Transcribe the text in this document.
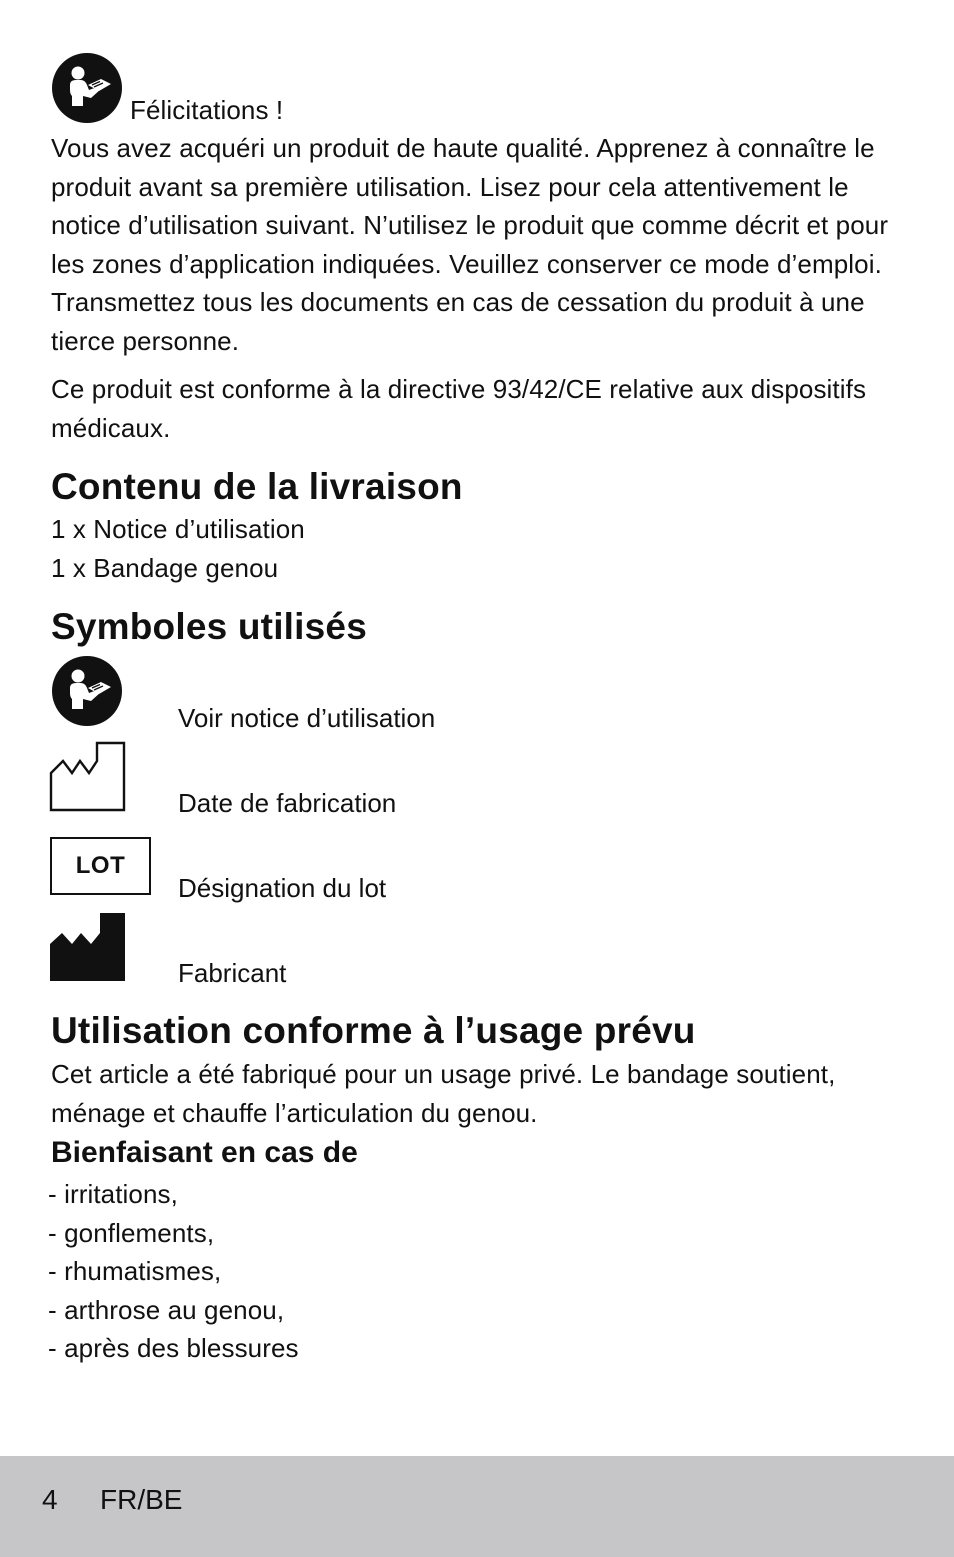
Félicitations !

Vous avez acquéri un produit de haute qualité. Apprenez à connaître le produit avant sa première utilisation. Lisez pour cela attentivement le notice d’utilisation suivant. N’utilisez le produit que comme décrit et pour les zones d’application indiquées. Veuillez conserver ce mode d’emploi. Transmettez tous les documents en cas de cessation du produit à une tierce personne.

Ce produit est conforme à la directive 93/42/CE relative aux dispositifs médicaux.

Contenu de la livraison
1 x Notice d’utilisation
1 x Bandage genou
Symboles utilisés
Voir notice d’utilisation
Date de fabrication
LOT
Désignation du lot
Fabricant
Utilisation conforme à l’usage prévu
Cet article a été fabriqué pour un usage privé. Le bandage soutient, ménage et chauffe l’articulation du genou.
Bienfaisant en cas de
- irritations,
- gonflements,
- rhumatismes,
- arthrose au genou,
- après des blessures
4 FR/BE
